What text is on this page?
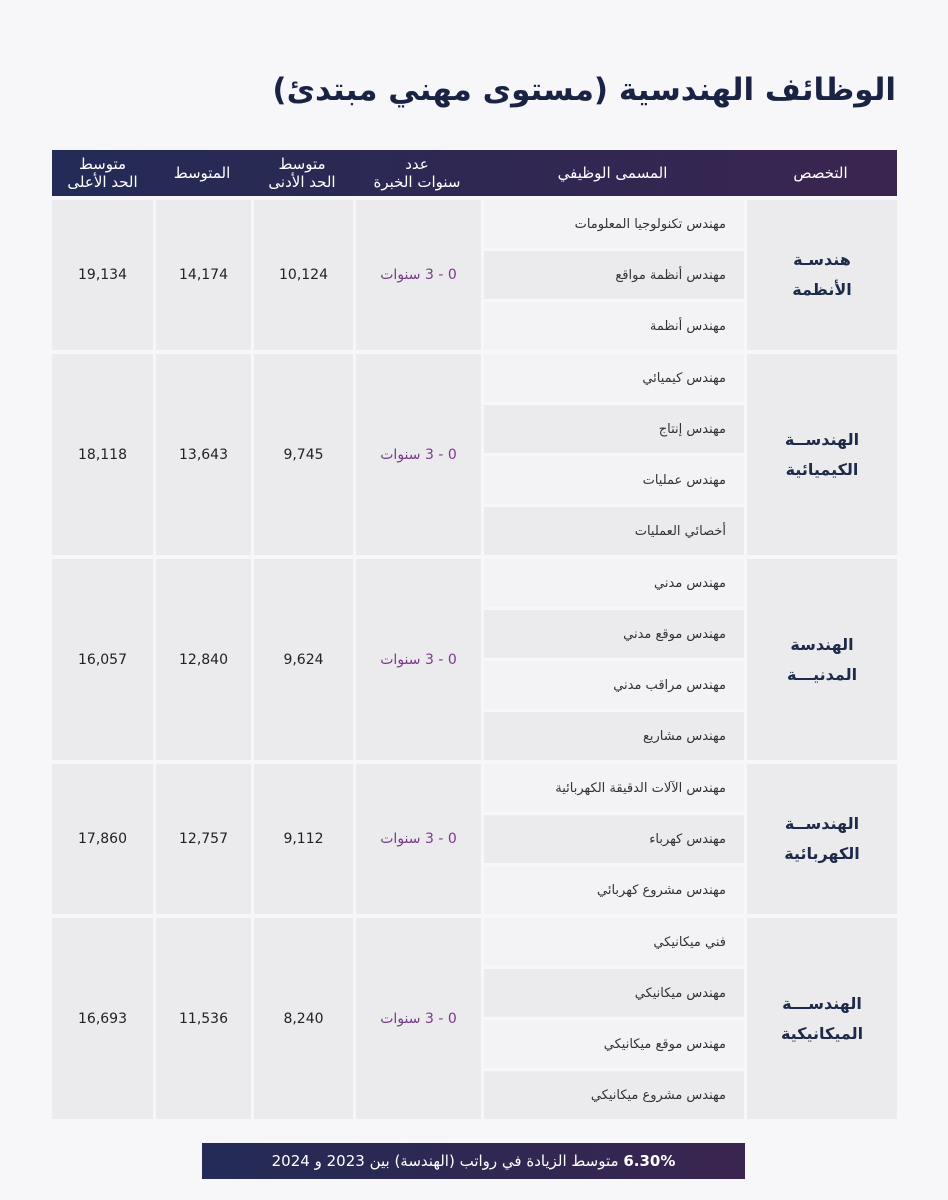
الوظائف الهندسية (مستوى مهني مبتدئ)
التخصص
المسمى الوظيفي
عدد
سنوات الخبرة
متوسط
الحد الأدنى
المتوسط
متوسط
الحد الأعلى
هندسـة
الأنظمة
مهندس تكنولوجيا المعلومات
مهندس أنظمة مواقع
مهندس أنظمة
0 - 3 سنوات
10,124
14,174
19,134
الهندســة
الكيميائية
مهندس كيميائي
مهندس إنتاج
مهندس عمليات
أخصائي العمليات
0 - 3 سنوات
9,745
13,643
18,118
الهندسة
المدنيـــة
مهندس مدني
مهندس موقع مدني
مهندس مراقب مدني
مهندس مشاريع
0 - 3 سنوات
9,624
12,840
16,057
الهندســة
الكهربائية
مهندس الآلات الدقيقة الكهربائية
مهندس كهرباء
مهندس مشروع كهربائي
0 - 3 سنوات
9,112
12,757
17,860
الهندســـة
الميكانيكية
فني ميكانيكي
مهندس ميكانيكي
مهندس موقع ميكانيكي
مهندس مشروع ميكانيكي
0 - 3 سنوات
8,240
11,536
16,693
6.30%

متوسط الزيادة في رواتب (الهندسة) بين 2023 و 2024
